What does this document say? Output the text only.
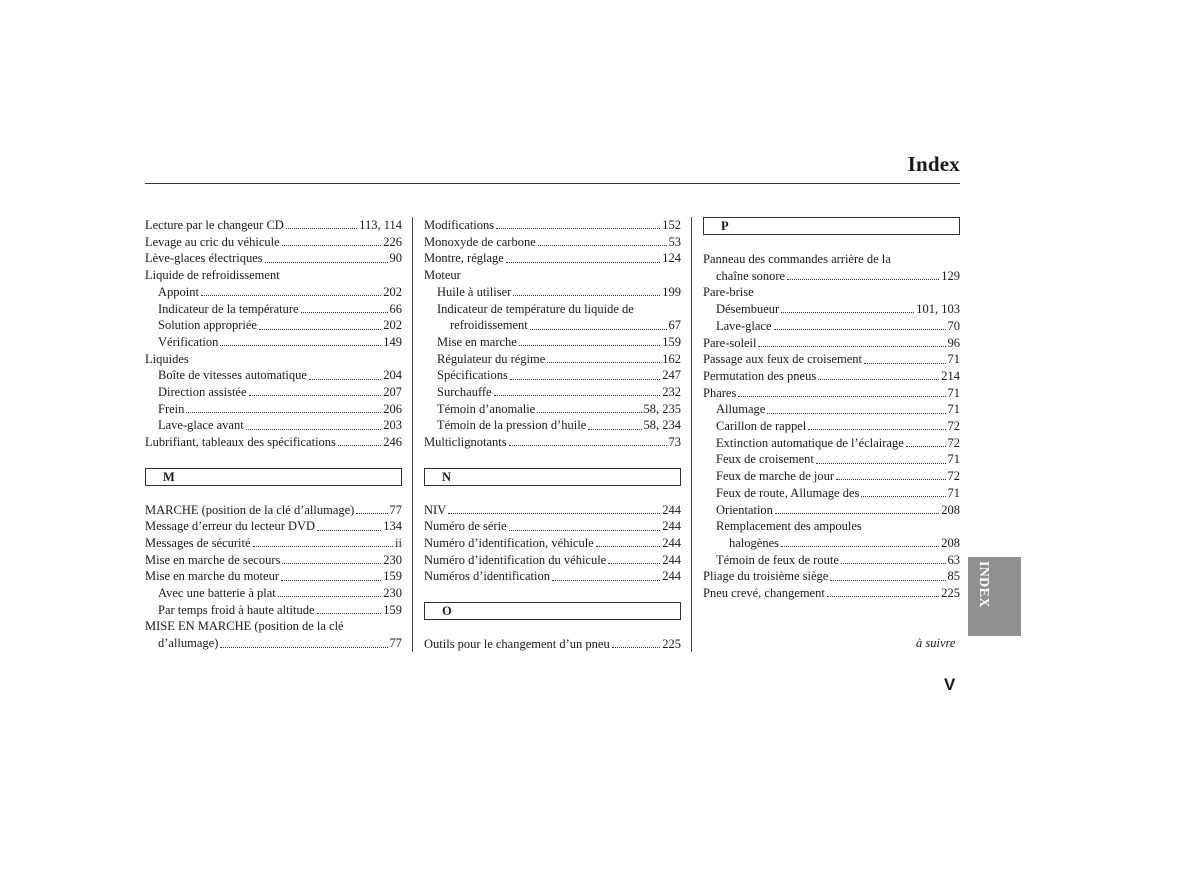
Index
Lecture par le changeur CD	113, 114
Levage au cric du véhicule	226
Lève-glaces électriques	90
Liquide de refroidissement
Appoint	202
Indicateur de la température	66
Solution appropriée	202
Vérification	149
Liquides
Boîte de vitesses automatique	204
Direction assistée	207
Frein	206
Lave-glace avant	203
Lubrifiant, tableaux des spécifications	246
M
MARCHE (position de la clé d’allumage)	77
Message d’erreur du lecteur DVD	134
Messages de sécurité	ii
Mise en marche de secours	230
Mise en marche du moteur	159
Avec une batterie à plat	230
Par temps froid à haute altitude	159
MISE EN MARCHE (position de la clé
d’allumage)	77
Modifications	152
Monoxyde de carbone	53
Montre, réglage	124
Moteur
Huile à utiliser	199
Indicateur de température du liquide de
refroidissement	67
Mise en marche	159
Régulateur du régime	162
Spécifications	247
Surchauffe	232
Témoin d’anomalie	58, 235
Témoin de la pression d’huile	58, 234
Multiclignotants	73
N
NIV	244
Numéro de série	244
Numéro d’identification, véhicule	244
Numéro d’identification du véhicule	244
Numéros d’identification	244
O
Outils pour le changement d’un pneu	225
P
Panneau des commandes arrière de la
chaîne sonore	129
Pare-brise
Désembueur	101, 103
Lave-glace	70
Pare-soleil	96
Passage aux feux de croisement	71
Permutation des pneus	214
Phares	71
Allumage	71
Carillon de rappel	72
Extinction automatique de l’éclairage	72
Feux de croisement	71
Feux de marche de jour	72
Feux de route, Allumage des	71
Orientation	208
Remplacement des ampoules
halogènes	208
Témoin de feux de route	63
Pliage du troisième siège	85
Pneu crevé, changement	225
à suivre
V
INDEX
